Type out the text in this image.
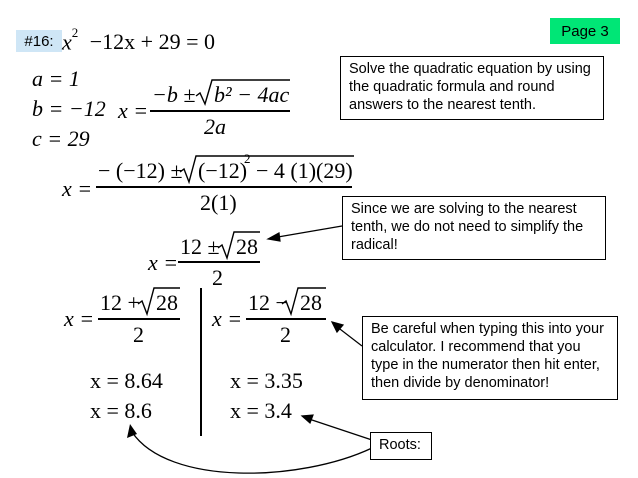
Page 3
#16: $x^2 -12x + 29 = 0$
a = 1
b = −12
c = 29
x =
−b ± b² − 4ac
2a
x =
− (−12) ± (−12)
2 − 4 (1)(29)
2(1)
x =
12 ± 28
2
x =
12 + 28
2
x =
12 − 28
2
x = 8.64
x = 8.6
x = 3.35
x = 3.4
Solve the quadratic equation by using the quadratic formula and round answers to the nearest tenth.
Since we are solving to the nearest tenth, we do not need to simplify the radical!
Be careful when typing this into your calculator. I recommend that you type in the numerator then hit enter, then divide by denominator!
Roots:
